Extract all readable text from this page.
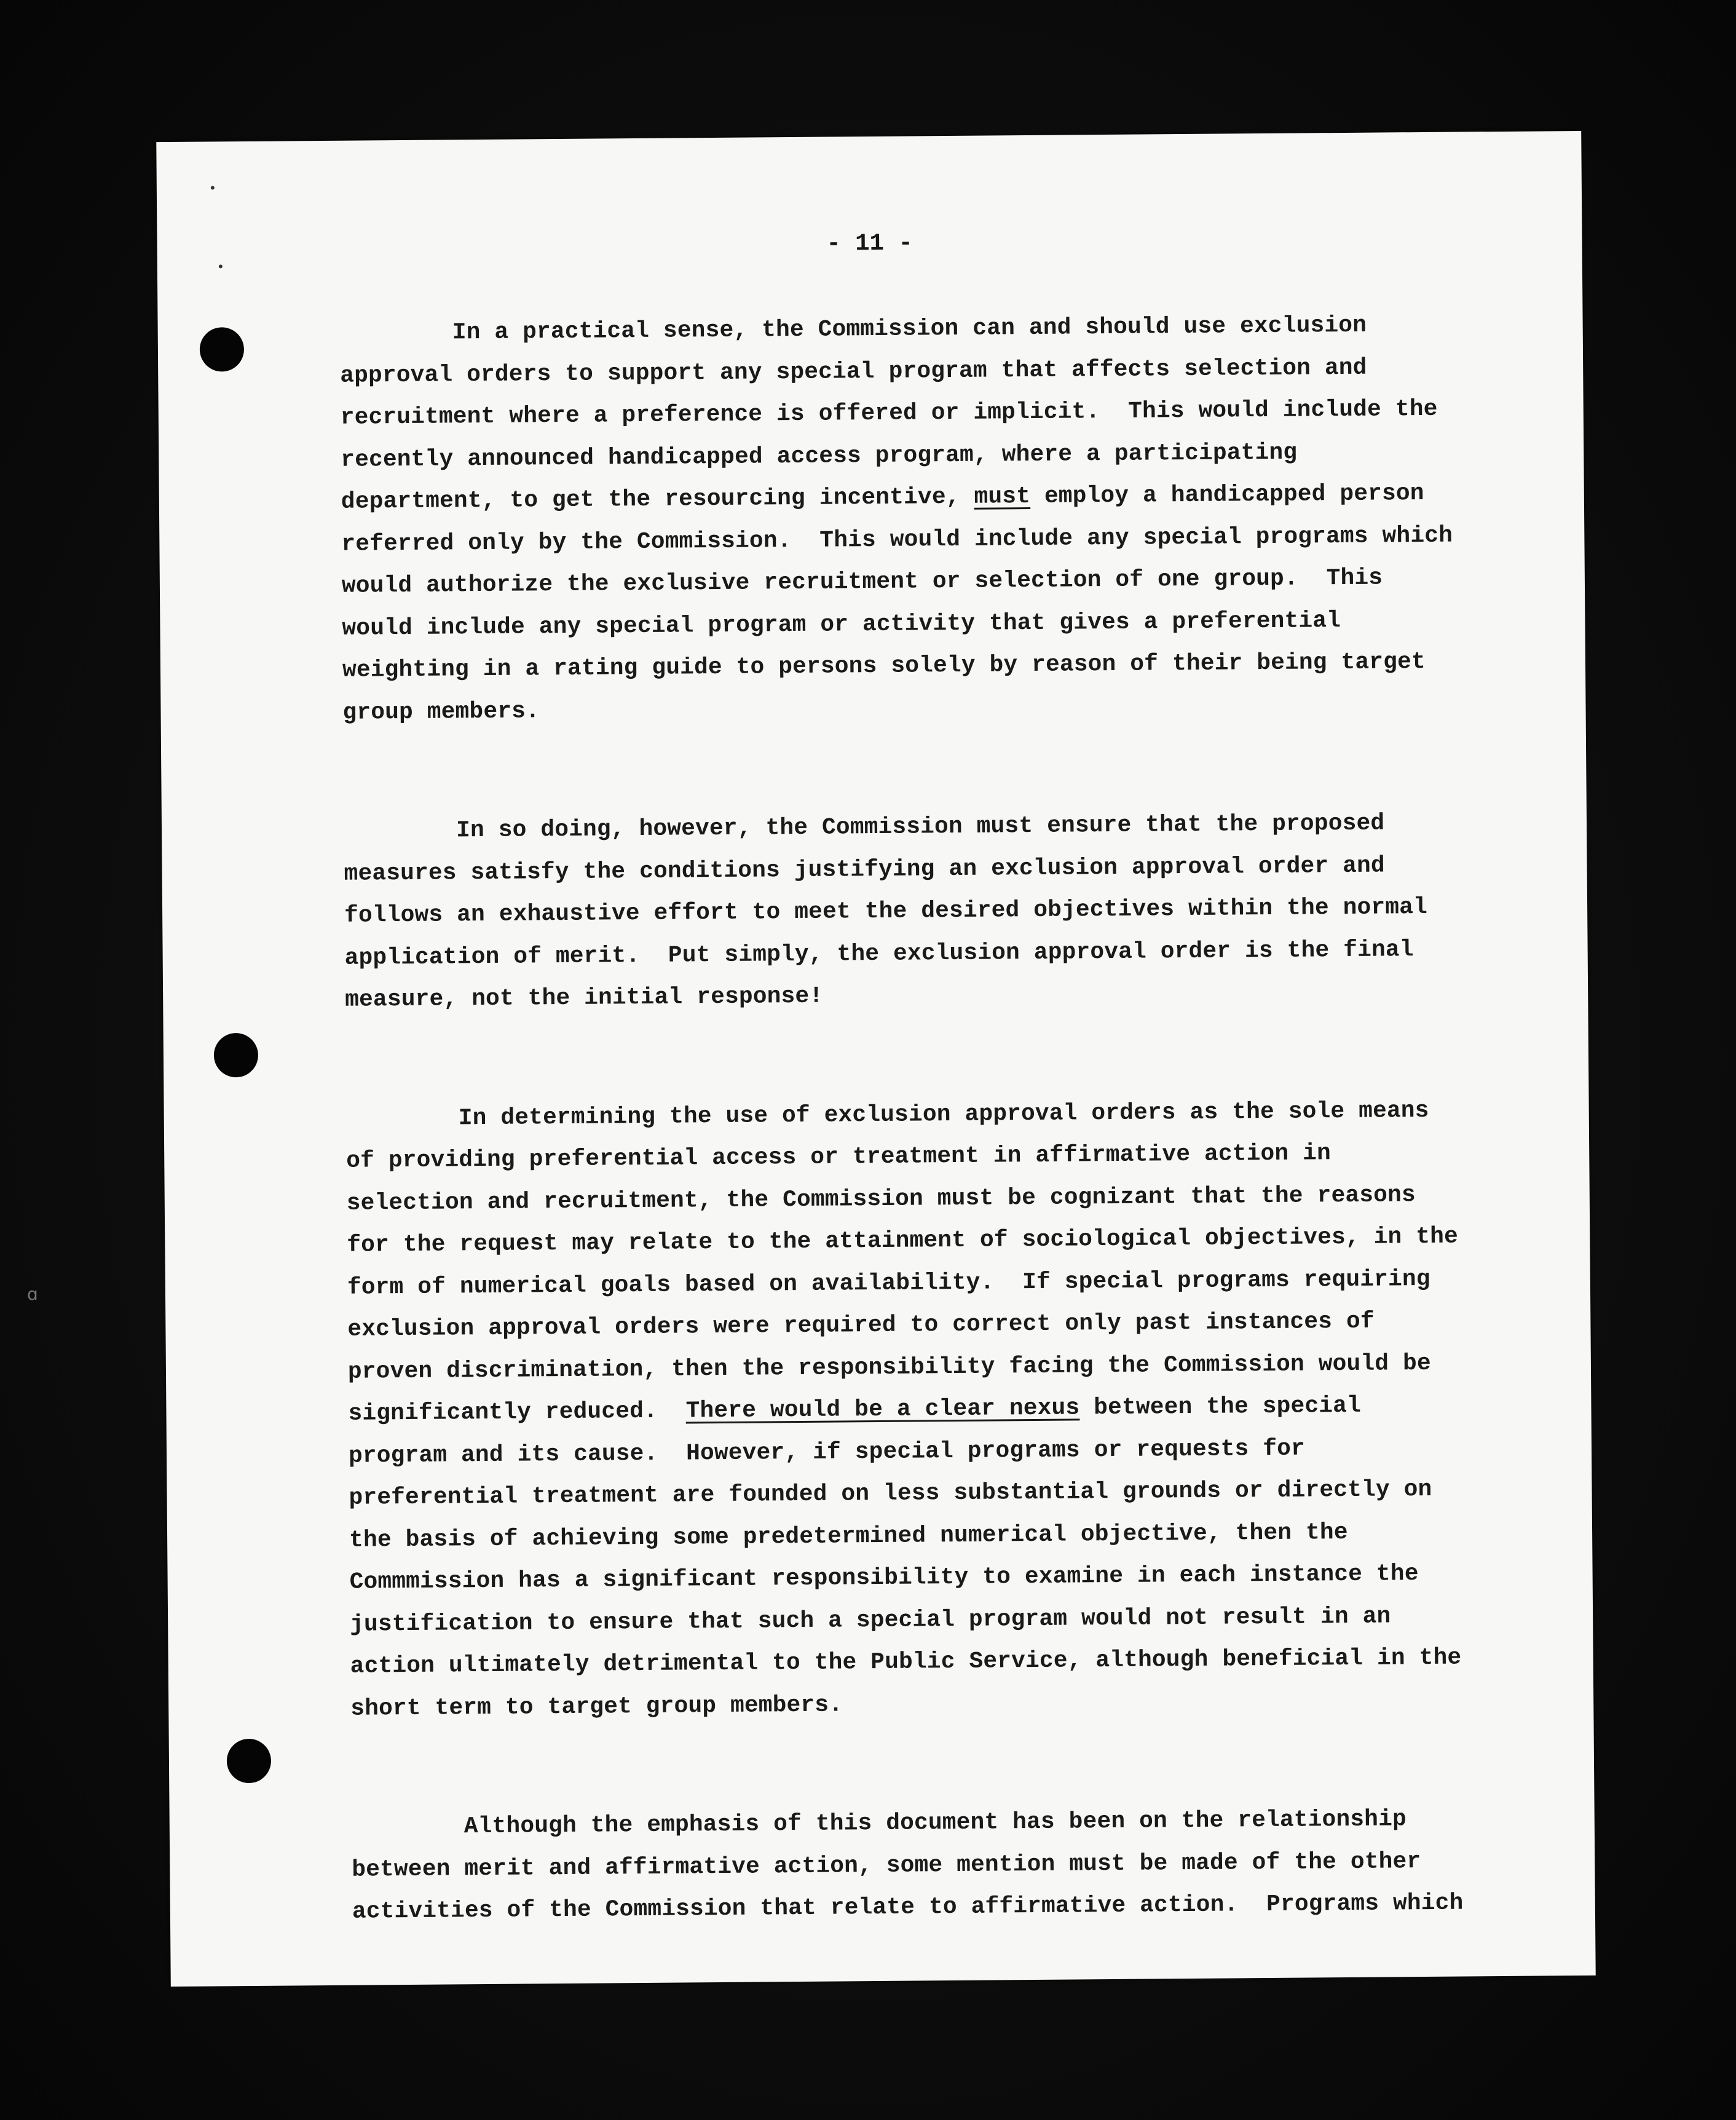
- 11 -
In a practical sense, the Commission can and should use exclusion
approval orders to support any special program that affects selection and
recruitment where a preference is offered or implicit.  This would include the
recently announced handicapped access program, where a participating
department, to get the resourcing incentive, must employ a handicapped person
referred only by the Commission.  This would include any special programs which
would authorize the exclusive recruitment or selection of one group.  This
would include any special program or activity that gives a preferential
weighting in a rating guide to persons solely by reason of their being target
group members.
In so doing, however, the Commission must ensure that the proposed
measures satisfy the conditions justifying an exclusion approval order and
follows an exhaustive effort to meet the desired objectives within the normal
application of merit.  Put simply, the exclusion approval order is the final
measure, not the initial response!
In determining the use of exclusion approval orders as the sole means
of providing preferential access or treatment in affirmative action in
selection and recruitment, the Commission must be cognizant that the reasons
for the request may relate to the attainment of sociological objectives, in the
form of numerical goals based on availability.  If special programs requiring
exclusion approval orders were required to correct only past instances of
proven discrimination, then the responsibility facing the Commission would be
significantly reduced.  There would be a clear nexus between the special
program and its cause.  However, if special programs or requests for
preferential treatment are founded on less substantial grounds or directly on
the basis of achieving some predetermined numerical objective, then the
Commmission has a significant responsibility to examine in each instance the
justification to ensure that such a special program would not result in an
action ultimately detrimental to the Public Service, although beneficial in the
short term to target group members.
Although the emphasis of this document has been on the relationship
between merit and affirmative action, some mention must be made of the other
activities of the Commission that relate to affirmative action.  Programs which
ɑ
